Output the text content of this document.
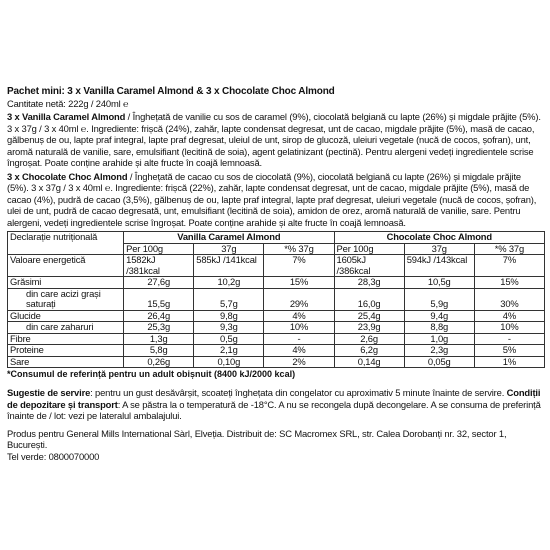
Pachet mini: 3 x Vanilla Caramel Almond & 3 x Chocolate Choc Almond
Cantitate netă: 222g / 240ml ℮
3 x Vanilla Caramel Almond / Înghețată de vanilie cu sos de caramel (9%), ciocolată belgiană cu lapte (26%) și migdale prăjite (5%). 3 x 37g / 3 x 40ml ℮. Ingrediente: frișcă (24%), zahăr, lapte condensat degresat, unt de cacao, migdale prăjite (5%), masă de cacao, gălbenuș de ou, lapte praf integral, lapte praf degresat, uleiul de unt, sirop de glucoză, uleiuri vegetale (nucă de cocos, șofran), unt, aromă naturală de vanilie, sare, emulsifiant (lecitină de soia), agent gelatinizant (pectină). Pentru alergeni vedeți ingredientele scrise îngroșat. Poate conține arahide și alte fructe în coajă lemnoasă.
3 x Chocolate Choc Almond / Înghețată de cacao cu sos de ciocolată (9%), ciocolată belgiană cu lapte (26%) și migdale prăjite (5%). 3 x 37g / 3 x 40ml ℮. Ingrediente: frișcă (22%), zahăr, lapte condensat degresat, unt de cacao, migdale prăjite (5%), masă de cacao (4%), pudră de cacao (3,5%), gălbenuș de ou, lapte praf integral, lapte praf degresat, uleiuri vegetale (nucă de cocos, șofran), ulei de unt, pudră de cacao degresată, unt, emulsifiant (lecitină de soia), amidon de orez, aromă naturală de vanilie, sare. Pentru alergeni, vedeți ingredientele scrise îngroșat. Poate conține arahide și alte fructe în coajă lemnoasă.
Declarație nutrițională	Vanilla Caramel Almond			Chocolate Choc Almond		
	Per 100g	37g	*% 37g	Per 100g	37g	*% 37g
Valoare energetică	1582kJ /381kcal	585kJ /141kcal	7%	1605kJ /386kcal	594kJ /143kcal	7%
Grăsimi	27,6g	10,2g	15%	28,3g	10,5g	15%
din care acizi grași saturați	15,5g	5,7g	29%	16,0g	5,9g	30%
Glucide	26,4g	9,8g	4%	25,4g	9,4g	4%
din care zaharuri	25,3g	9,3g	10%	23,9g	8,8g	10%
Fibre	1,3g	0,5g	-	2,6g	1,0g	-
Proteine	5,8g	2,1g	4%	6,2g	2,3g	5%
Sare	0,26g	0,10g	2%	0,14g	0,05g	1%
*Consumul de referință pentru un adult obișnuit (8400 kJ/2000 kcal)
Sugestie de servire: pentru un gust desăvârșit, scoateți înghețata din congelator cu aproximativ 5 minute înainte de servire. Condiții de depozitare și transport: A se păstra la o temperatură de -18°C. A nu se recongela după decongelare. A se consuma de preferință înainte de / lot: vezi pe lateralul ambalajului.
Produs pentru General Mills International Sàrl, Elveția. Distribuit de: SC Macromex SRL, str. Calea Dorobanți nr. 32, sector 1, București.
Tel verde: 0800070000
